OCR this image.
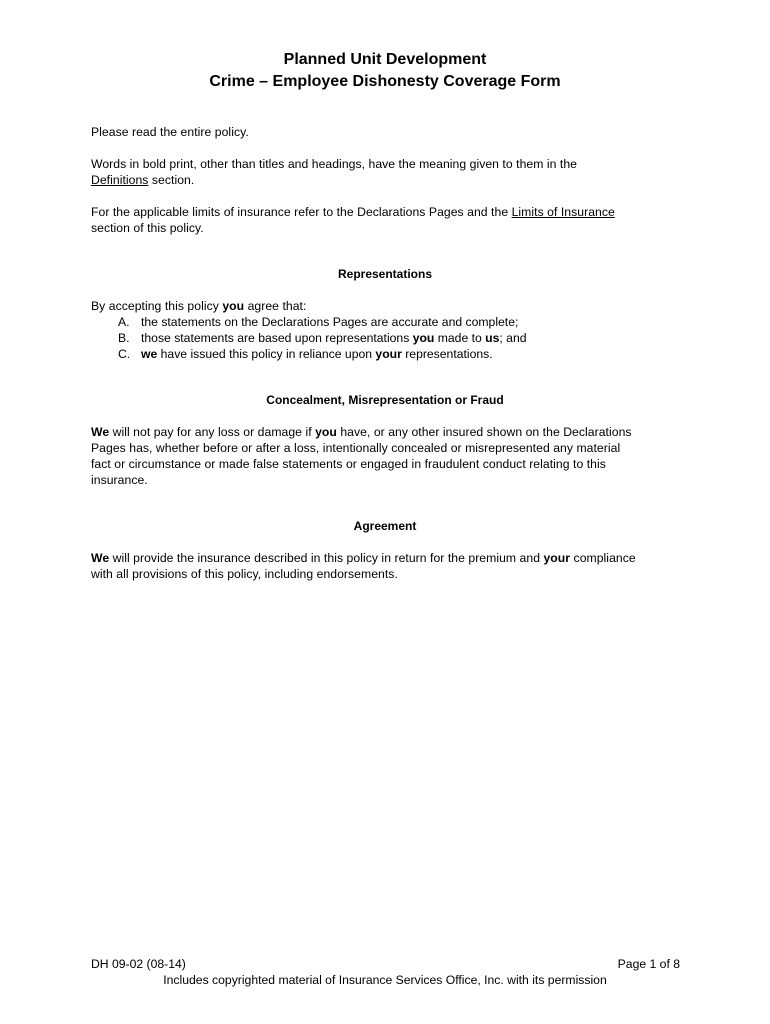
Planned Unit Development
Crime – Employee Dishonesty Coverage Form
Please read the entire policy.
Words in bold print, other than titles and headings, have the meaning given to them in the
Definitions section.
For the applicable limits of insurance refer to the Declarations Pages and the Limits of Insurance
section of this policy.
Representations
By accepting this policy you agree that:
A. the statements on the Declarations Pages are accurate and complete;
B. those statements are based upon representations you made to us; and
C. we have issued this policy in reliance upon your representations.
Concealment, Misrepresentation or Fraud
We will not pay for any loss or damage if you have, or any other insured shown on the Declarations
Pages has, whether before or after a loss, intentionally concealed or misrepresented any material
fact or circumstance or made false statements or engaged in fraudulent conduct relating to this
insurance.
Agreement
We will provide the insurance described in this policy in return for the premium and your compliance
with all provisions of this policy, including endorsements.
DH 09-02 (08-14)	Page 1 of 8
Includes copyrighted material of Insurance Services Office, Inc. with its permission
